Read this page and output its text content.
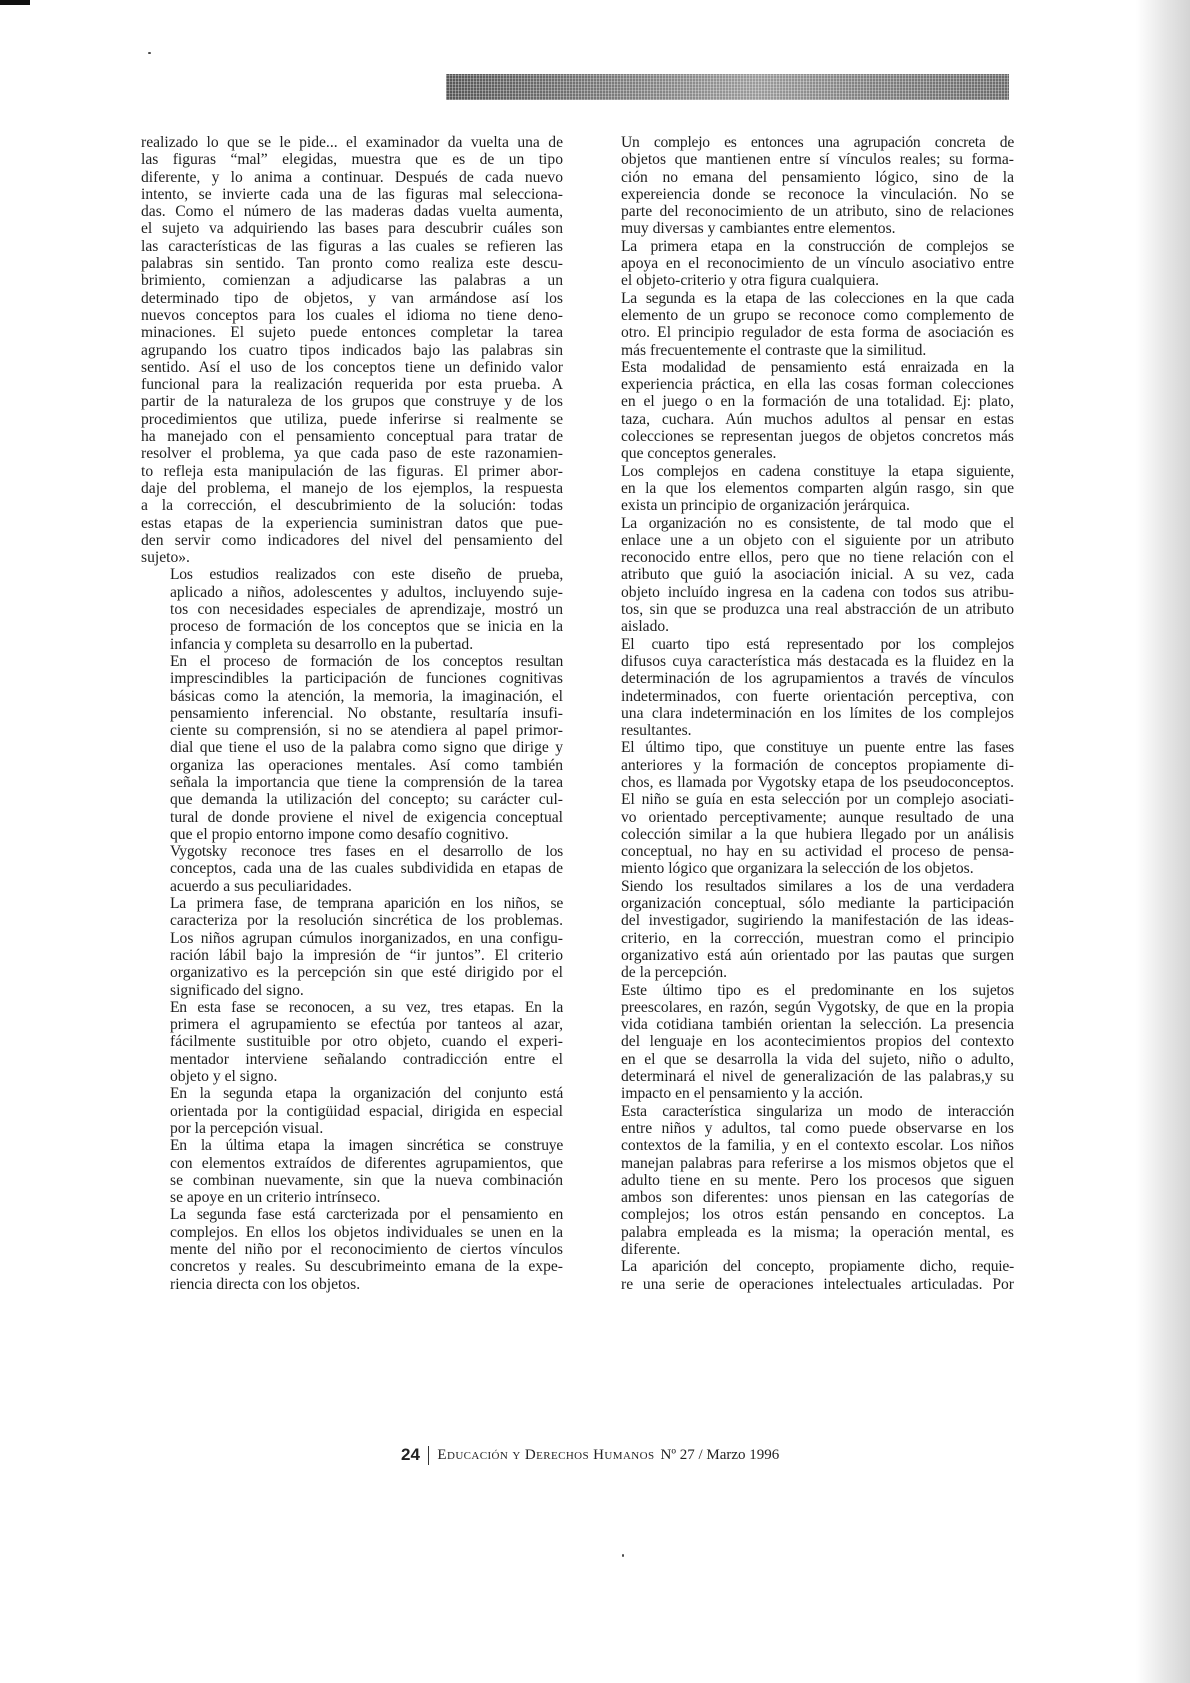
realizado lo que se le pide... el examinador da vuelta una de
las figuras “mal” elegidas, muestra que es de un tipo
diferente, y lo anima a continuar. Después de cada nuevo
intento, se invierte cada una de las figuras mal selecciona-
das. Como el número de las maderas dadas vuelta aumenta,
el sujeto va adquiriendo las bases para descubrir cuáles son
las características de las figuras a las cuales se refieren las
palabras sin sentido. Tan pronto como realiza este descu-
brimiento, comienzan a adjudicarse las palabras a un
determinado tipo de objetos, y van armándose así los
nuevos conceptos para los cuales el idioma no tiene deno-
minaciones. El sujeto puede entonces completar la tarea
agrupando los cuatro tipos indicados bajo las palabras sin
sentido. Así el uso de los conceptos tiene un definido valor
funcional para la realización requerida por esta prueba. A
partir de la naturaleza de los grupos que construye y de los
procedimientos que utiliza, puede inferirse si realmente se
ha manejado con el pensamiento conceptual para tratar de
resolver el problema, ya que cada paso de este razonamien-
to refleja esta manipulación de las figuras. El primer abor-
daje del problema, el manejo de los ejemplos, la respuesta
a la corrección, el descubrimiento de la solución: todas
estas etapas de la experiencia suministran datos que pue-
den servir como indicadores del nivel del pensamiento del
sujeto».

Los estudios realizados con este diseño de prueba,
aplicado a niños, adolescentes y adultos, incluyendo suje-
tos con necesidades especiales de aprendizaje, mostró un
proceso de formación de los conceptos que se inicia en la
infancia y completa su desarrollo en la pubertad.

En el proceso de formación de los conceptos resultan
imprescindibles la participación de funciones cognitivas
básicas como la atención, la memoria, la imaginación, el
pensamiento inferencial. No obstante, resultaría insufi-
ciente su comprensión, si no se atendiera al papel primor-
dial que tiene el uso de la palabra como signo que dirige y
organiza las operaciones mentales. Así como también
señala la importancia que tiene la comprensión de la tarea
que demanda la utilización del concepto; su carácter cul-
tural de donde proviene el nivel de exigencia conceptual
que el propio entorno impone como desafío cognitivo.

Vygotsky reconoce tres fases en el desarrollo de los
conceptos, cada una de las cuales subdividida en etapas de
acuerdo a sus peculiaridades.

La primera fase, de temprana aparición en los niños, se
caracteriza por la resolución sincrética de los problemas.
Los niños agrupan cúmulos inorganizados, en una configu-
ración lábil bajo la impresión de “ir juntos”. El criterio
organizativo es la percepción sin que esté dirigido por el
significado del signo.

En esta fase se reconocen, a su vez, tres etapas. En la
primera el agrupamiento se efectúa por tanteos al azar,
fácilmente sustituible por otro objeto, cuando el experi-
mentador interviene señalando contradicción entre el
objeto y el signo.

En la segunda etapa la organización del conjunto está
orientada por la contigüidad espacial, dirigida en especial
por la percepción visual.

En la última etapa la imagen sincrética se construye
con elementos extraídos de diferentes agrupamientos, que
se combinan nuevamente, sin que la nueva combinación
se apoye en un criterio intrínseco.

La segunda fase está carcterizada por el pensamiento en
complejos. En ellos los objetos individuales se unen en la
mente del niño por el reconocimiento de ciertos vínculos
concretos y reales. Su descubrimeinto emana de la expe-
riencia directa con los objetos.

Un complejo es entonces una agrupación concreta de
objetos que mantienen entre sí vínculos reales; su forma-
ción no emana del pensamiento lógico, sino de la
expereiencia donde se reconoce la vinculación. No se
parte del reconocimiento de un atributo, sino de relaciones
muy diversas y cambiantes entre elementos.

La primera etapa en la construcción de complejos se
apoya en el reconocimiento de un vínculo asociativo entre
el objeto-criterio y otra figura cualquiera.

La segunda es la etapa de las colecciones en la que cada
elemento de un grupo se reconoce como complemento de
otro. El principio regulador de esta forma de asociación es
más frecuentemente el contraste que la similitud.

Esta modalidad de pensamiento está enraizada en la
experiencia práctica, en ella las cosas forman colecciones
en el juego o en la formación de una totalidad. Ej: plato,
taza, cuchara. Aún muchos adultos al pensar en estas
colecciones se representan juegos de objetos concretos más
que conceptos generales.

Los complejos en cadena constituye la etapa siguiente,
en la que los elementos comparten algún rasgo, sin que
exista un principio de organización jerárquica.

La organización no es consistente, de tal modo que el
enlace une a un objeto con el siguiente por un atributo
reconocido entre ellos, pero que no tiene relación con el
atributo que guió la asociación inicial. A su vez, cada
objeto incluído ingresa en la cadena con todos sus atribu-
tos, sin que se produzca una real abstracción de un atributo
aislado.

El cuarto tipo está representado por los complejos
difusos cuya característica más destacada es la fluidez en la
determinación de los agrupamientos a través de vínculos
indeterminados, con fuerte orientación perceptiva, con
una clara indeterminación en los límites de los complejos
resultantes.

El último tipo, que constituye un puente entre las fases
anteriores y la formación de conceptos propiamente di-
chos, es llamada por Vygotsky etapa de los pseudoconceptos.
El niño se guía en esta selección por un complejo asociati-
vo orientado perceptivamente; aunque resultado de una
colección similar a la que hubiera llegado por un análisis
conceptual, no hay en su actividad el proceso de pensa-
miento lógico que organizara la selección de los objetos.

Siendo los resultados similares a los de una verdadera
organización conceptual, sólo mediante la participación
del investigador, sugiriendo la manifestación de las ideas-
criterio, en la corrección, muestran como el principio
organizativo está aún orientado por las pautas que surgen
de la percepción.

Este último tipo es el predominante en los sujetos
preescolares, en razón, según Vygotsky, de que en la propia
vida cotidiana también orientan la selección. La presencia
del lenguaje en los acontecimientos propios del contexto
en el que se desarrolla la vida del sujeto, niño o adulto,
determinará el nivel de generalización de las palabras,y su
impacto en el pensamiento y la acción.

Esta característica singulariza un modo de interacción
entre niños y adultos, tal como puede observarse en los
contextos de la familia, y en el contexto escolar. Los niños
manejan palabras para referirse a los mismos objetos que el
adulto tiene en su mente. Pero los procesos que siguen
ambos son diferentes: unos piensan en las categorías de
complejos; los otros están pensando en conceptos. La
palabra empleada es la misma; la operación mental, es
diferente.

La aparición del concepto, propiamente dicho, requie-
re una serie de operaciones intelectuales articuladas. Por

24 Educación y Derechos Humanos Nº 27 / Marzo 1996
